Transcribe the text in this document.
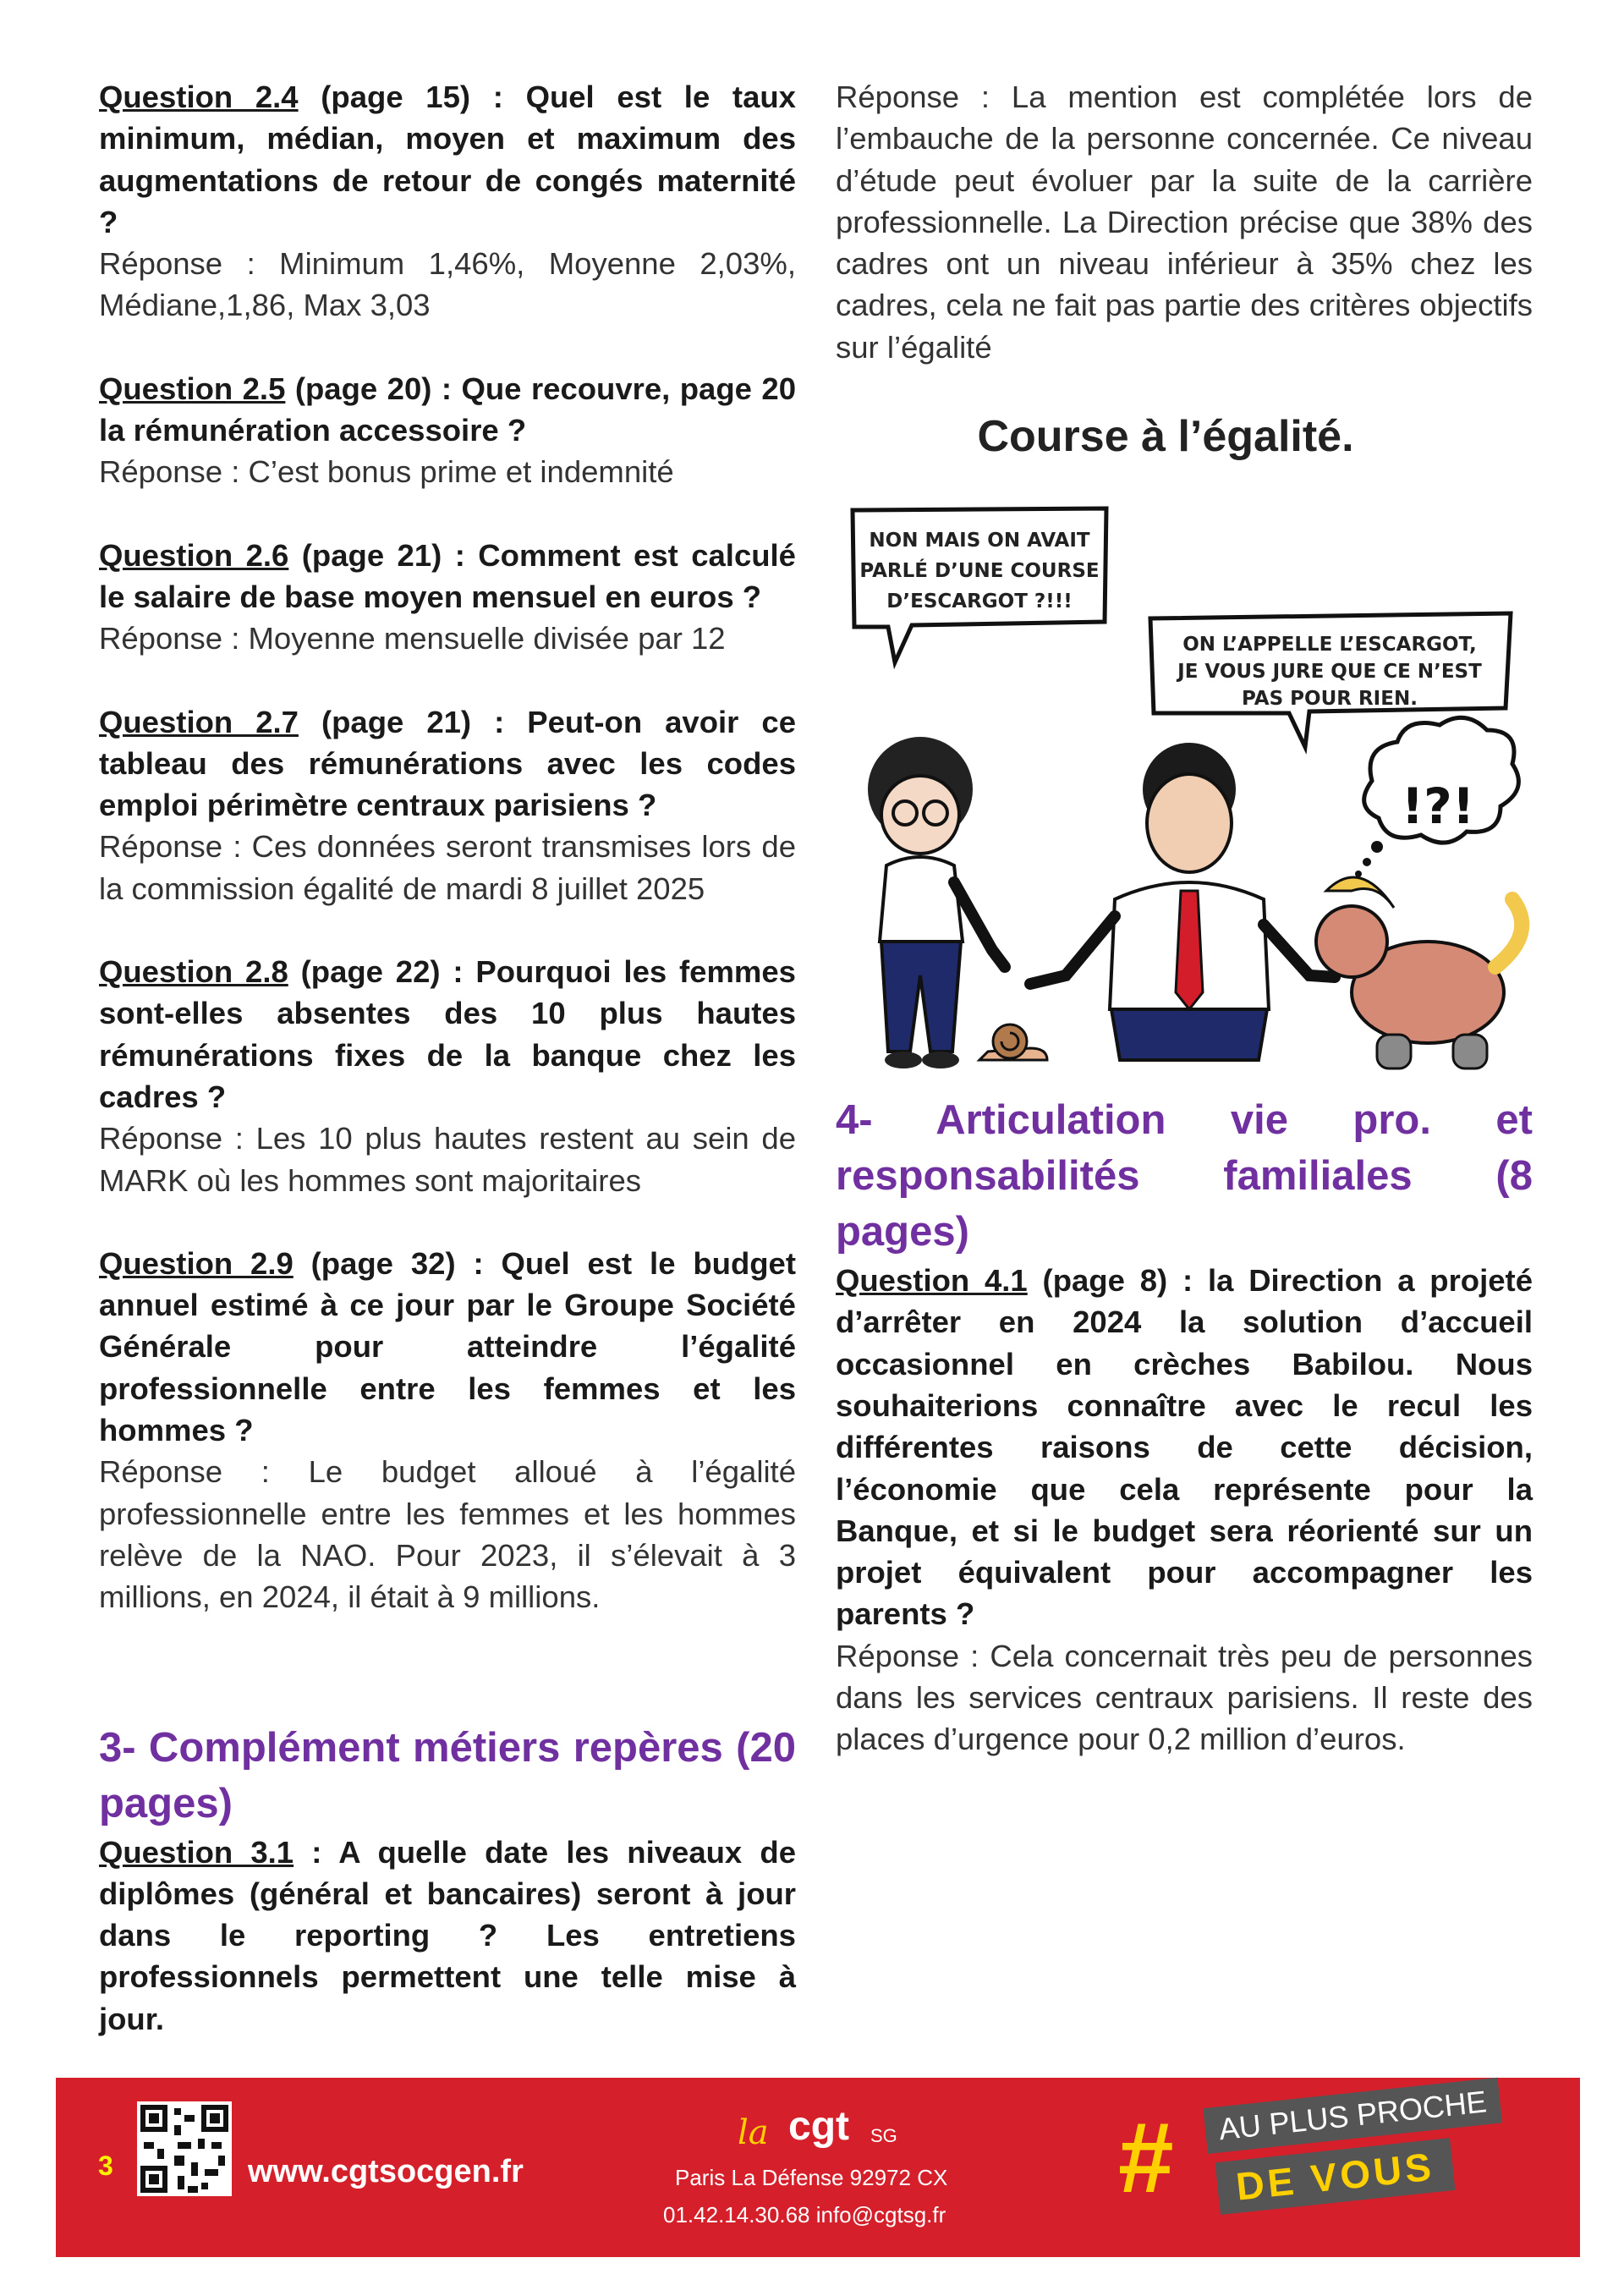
Question 2.4 (page 15) : Quel est le taux minimum, médian, moyen et maximum des augmentations de retour de congés maternité ?
Réponse : Minimum 1,46%, Moyenne 2,03%, Médiane,1,86, Max 3,03

Question 2.5 (page 20) : Que recouvre, page 20 la rémunération accessoire ?
Réponse : C’est bonus prime et indemnité

Question 2.6 (page 21) : Comment est calculé le salaire de base moyen mensuel en euros ?
Réponse : Moyenne mensuelle divisée par 12

Question 2.7 (page 21) : Peut-on avoir ce tableau des rémunérations avec les codes emploi périmètre centraux parisiens ?
Réponse : Ces données seront transmises lors de la commission égalité de mardi 8 juillet 2025

Question 2.8 (page 22) : Pourquoi les femmes sont-elles absentes des 10 plus hautes rémunérations fixes de la banque chez les cadres ?
Réponse : Les 10 plus hautes restent au sein de MARK où les hommes sont majoritaires

Question 2.9 (page 32) : Quel est le budget annuel estimé à ce jour par le Groupe Société Générale pour atteindre l’égalité professionnelle entre les femmes et les hommes ?
Réponse : Le budget alloué à l’égalité professionnelle entre les femmes et les hommes relève de la NAO. Pour 2023, il s’élevait à 3 millions, en 2024, il était à 9 millions.

3- Complément métiers repères (20 pages)

Question 3.1 : A quelle date les niveaux de diplômes (général et bancaires) seront à jour dans le reporting ? Les entretiens professionnels permettent une telle mise à jour.

Réponse : La mention est complétée lors de l’embauche de la personne concernée. Ce niveau d’étude peut évoluer par la suite de la carrière professionnelle. La Direction précise que 38% des cadres ont un niveau inférieur à 35% chez les cadres, cela ne fait pas partie des critères objectifs sur l’égalité

Course à l’égalité.
NON MAIS ON AVAIT
PARLÉ D’UNE COURSE
D’ESCARGOT ?!!!
ON L’APPELLE L’ESCARGOT,
JE VOUS JURE QUE CE N’EST
PAS POUR RIEN.
!?!
4- Articulation vie pro. et responsabilités familiales (8 pages)

Question 4.1 (page 8) : la Direction a projeté d’arrêter en 2024 la solution d’accueil occasionnel en crèches Babilou. Nous souhaiterions connaître avec le recul les différentes raisons de cette décision, l’économie que cela représente pour la Banque, et si le budget sera réorienté sur un projet équivalent pour accompagner les parents ?
Réponse : Cela concernait très peu de personnes dans les services centraux parisiens. Il reste des places d’urgence pour 0,2 million d’euros.

3	www.cgtsocgen.fr
la cgt SG
Paris La Défense 92972 CX
01.42.14.30.68 info@cgtsg.fr
#	AU PLUS PROCHE
DE VOUS
